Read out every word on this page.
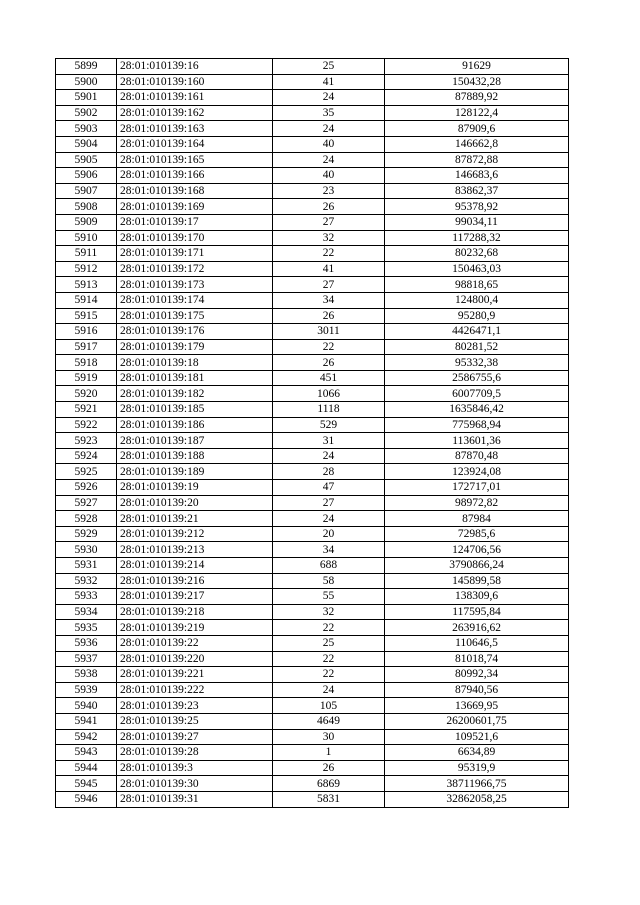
5899	28:01:010139:16	25	91629
5900	28:01:010139:160	41	150432,28
5901	28:01:010139:161	24	87889,92
5902	28:01:010139:162	35	128122,4
5903	28:01:010139:163	24	87909,6
5904	28:01:010139:164	40	146662,8
5905	28:01:010139:165	24	87872,88
5906	28:01:010139:166	40	146683,6
5907	28:01:010139:168	23	83862,37
5908	28:01:010139:169	26	95378,92
5909	28:01:010139:17	27	99034,11
5910	28:01:010139:170	32	117288,32
5911	28:01:010139:171	22	80232,68
5912	28:01:010139:172	41	150463,03
5913	28:01:010139:173	27	98818,65
5914	28:01:010139:174	34	124800,4
5915	28:01:010139:175	26	95280,9
5916	28:01:010139:176	3011	4426471,1
5917	28:01:010139:179	22	80281,52
5918	28:01:010139:18	26	95332,38
5919	28:01:010139:181	451	2586755,6
5920	28:01:010139:182	1066	6007709,5
5921	28:01:010139:185	1118	1635846,42
5922	28:01:010139:186	529	775968,94
5923	28:01:010139:187	31	113601,36
5924	28:01:010139:188	24	87870,48
5925	28:01:010139:189	28	123924,08
5926	28:01:010139:19	47	172717,01
5927	28:01:010139:20	27	98972,82
5928	28:01:010139:21	24	87984
5929	28:01:010139:212	20	72985,6
5930	28:01:010139:213	34	124706,56
5931	28:01:010139:214	688	3790866,24
5932	28:01:010139:216	58	145899,58
5933	28:01:010139:217	55	138309,6
5934	28:01:010139:218	32	117595,84
5935	28:01:010139:219	22	263916,62
5936	28:01:010139:22	25	110646,5
5937	28:01:010139:220	22	81018,74
5938	28:01:010139:221	22	80992,34
5939	28:01:010139:222	24	87940,56
5940	28:01:010139:23	105	13669,95
5941	28:01:010139:25	4649	26200601,75
5942	28:01:010139:27	30	109521,6
5943	28:01:010139:28	1	6634,89
5944	28:01:010139:3	26	95319,9
5945	28:01:010139:30	6869	38711966,75
5946	28:01:010139:31	5831	32862058,25
